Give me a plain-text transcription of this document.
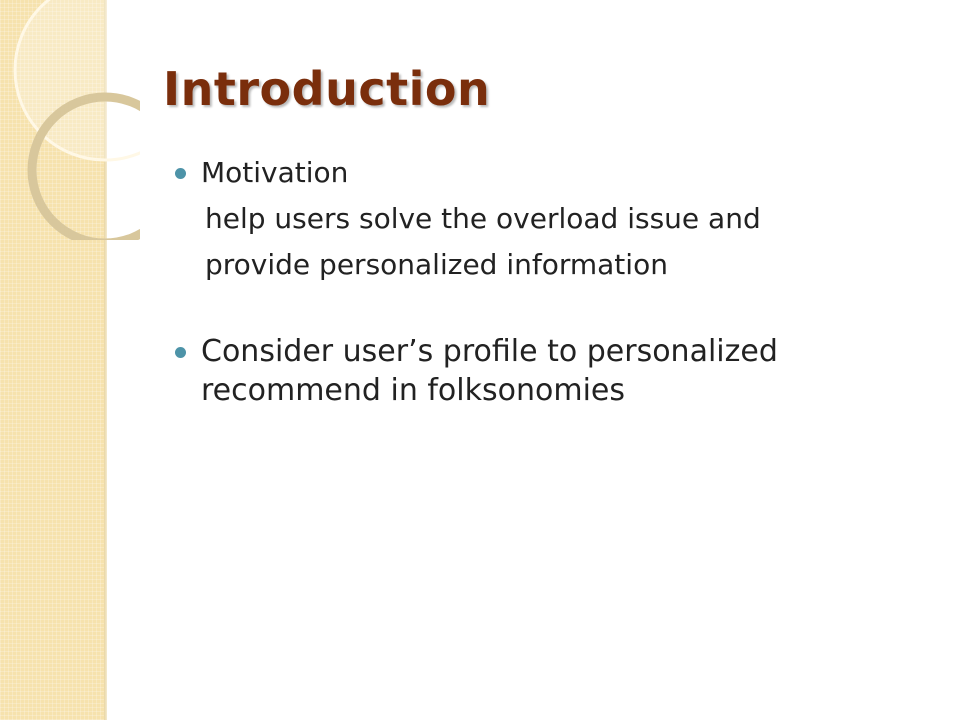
Introduction
Motivation
help users solve the overload issue and
provide personalized information
Consider user’s profile to personalized recommend in folksonomies
